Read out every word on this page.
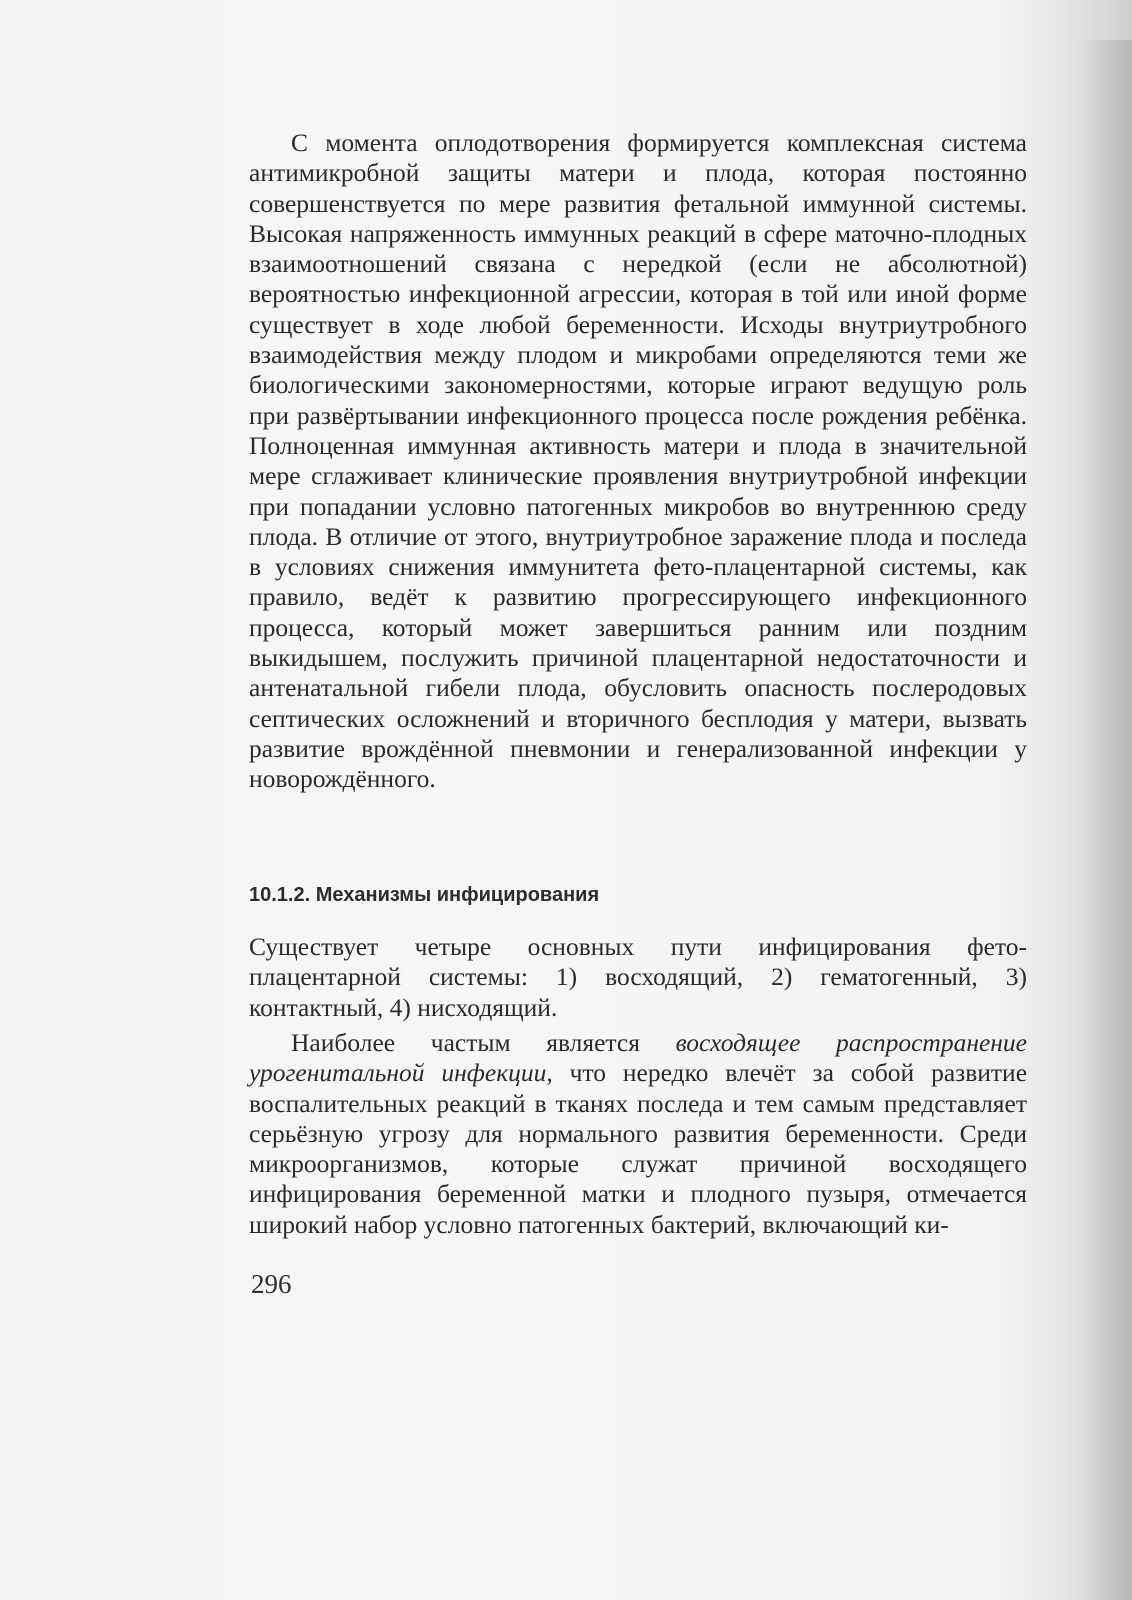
С момента оплодотворения формируется комплексная система антимикробной защиты матери и плода, которая постоянно совершенствуется по мере развития фетальной иммунной системы. Высокая напряженность иммунных реакций в сфере маточно-плодных взаимоотношений связана с нередкой (если не абсолютной) вероятностью инфекционной агрессии, которая в той или иной форме существует в ходе любой беременности. Исходы внутриутробного взаимодействия между плодом и микробами определяются теми же биологическими закономерностями, которые играют ведущую роль при развёртывании инфекционного процесса после рождения ребёнка. Полноценная иммунная активность матери и плода в значительной мере сглаживает клинические проявления внутриутробной инфекции при попадании условно патогенных микробов во внутреннюю среду плода. В отличие от этого, внутриутробное заражение плода и последа в условиях снижения иммунитета фето-плацентарной системы, как правило, ведёт к развитию прогрессирующего инфекционного процесса, который может завершиться ранним или поздним выкидышем, послужить причиной плацентарной недостаточности и антенатальной гибели плода, обусловить опасность послеродовых септических осложнений и вторичного бесплодия у матери, вызвать развитие врождённой пневмонии и генерализованной инфекции у новорождённого.

10.1.2. Механизмы инфицирования

Существует четыре основных пути инфицирования фето-плацентарной системы: 1) восходящий, 2) гематогенный, 3) контактный, 4) нисходящий.

Наиболее частым является восходящее распространение урогенитальной инфекции, что нередко влечёт за собой развитие воспалительных реакций в тканях последа и тем самым представляет серьёзную угрозу для нормального развития беременности. Среди микроорганизмов, которые служат причиной восходящего инфицирования беременной матки и плодного пузыря, отмечается широкий набор условно патогенных бактерий, включающий ки-

296
